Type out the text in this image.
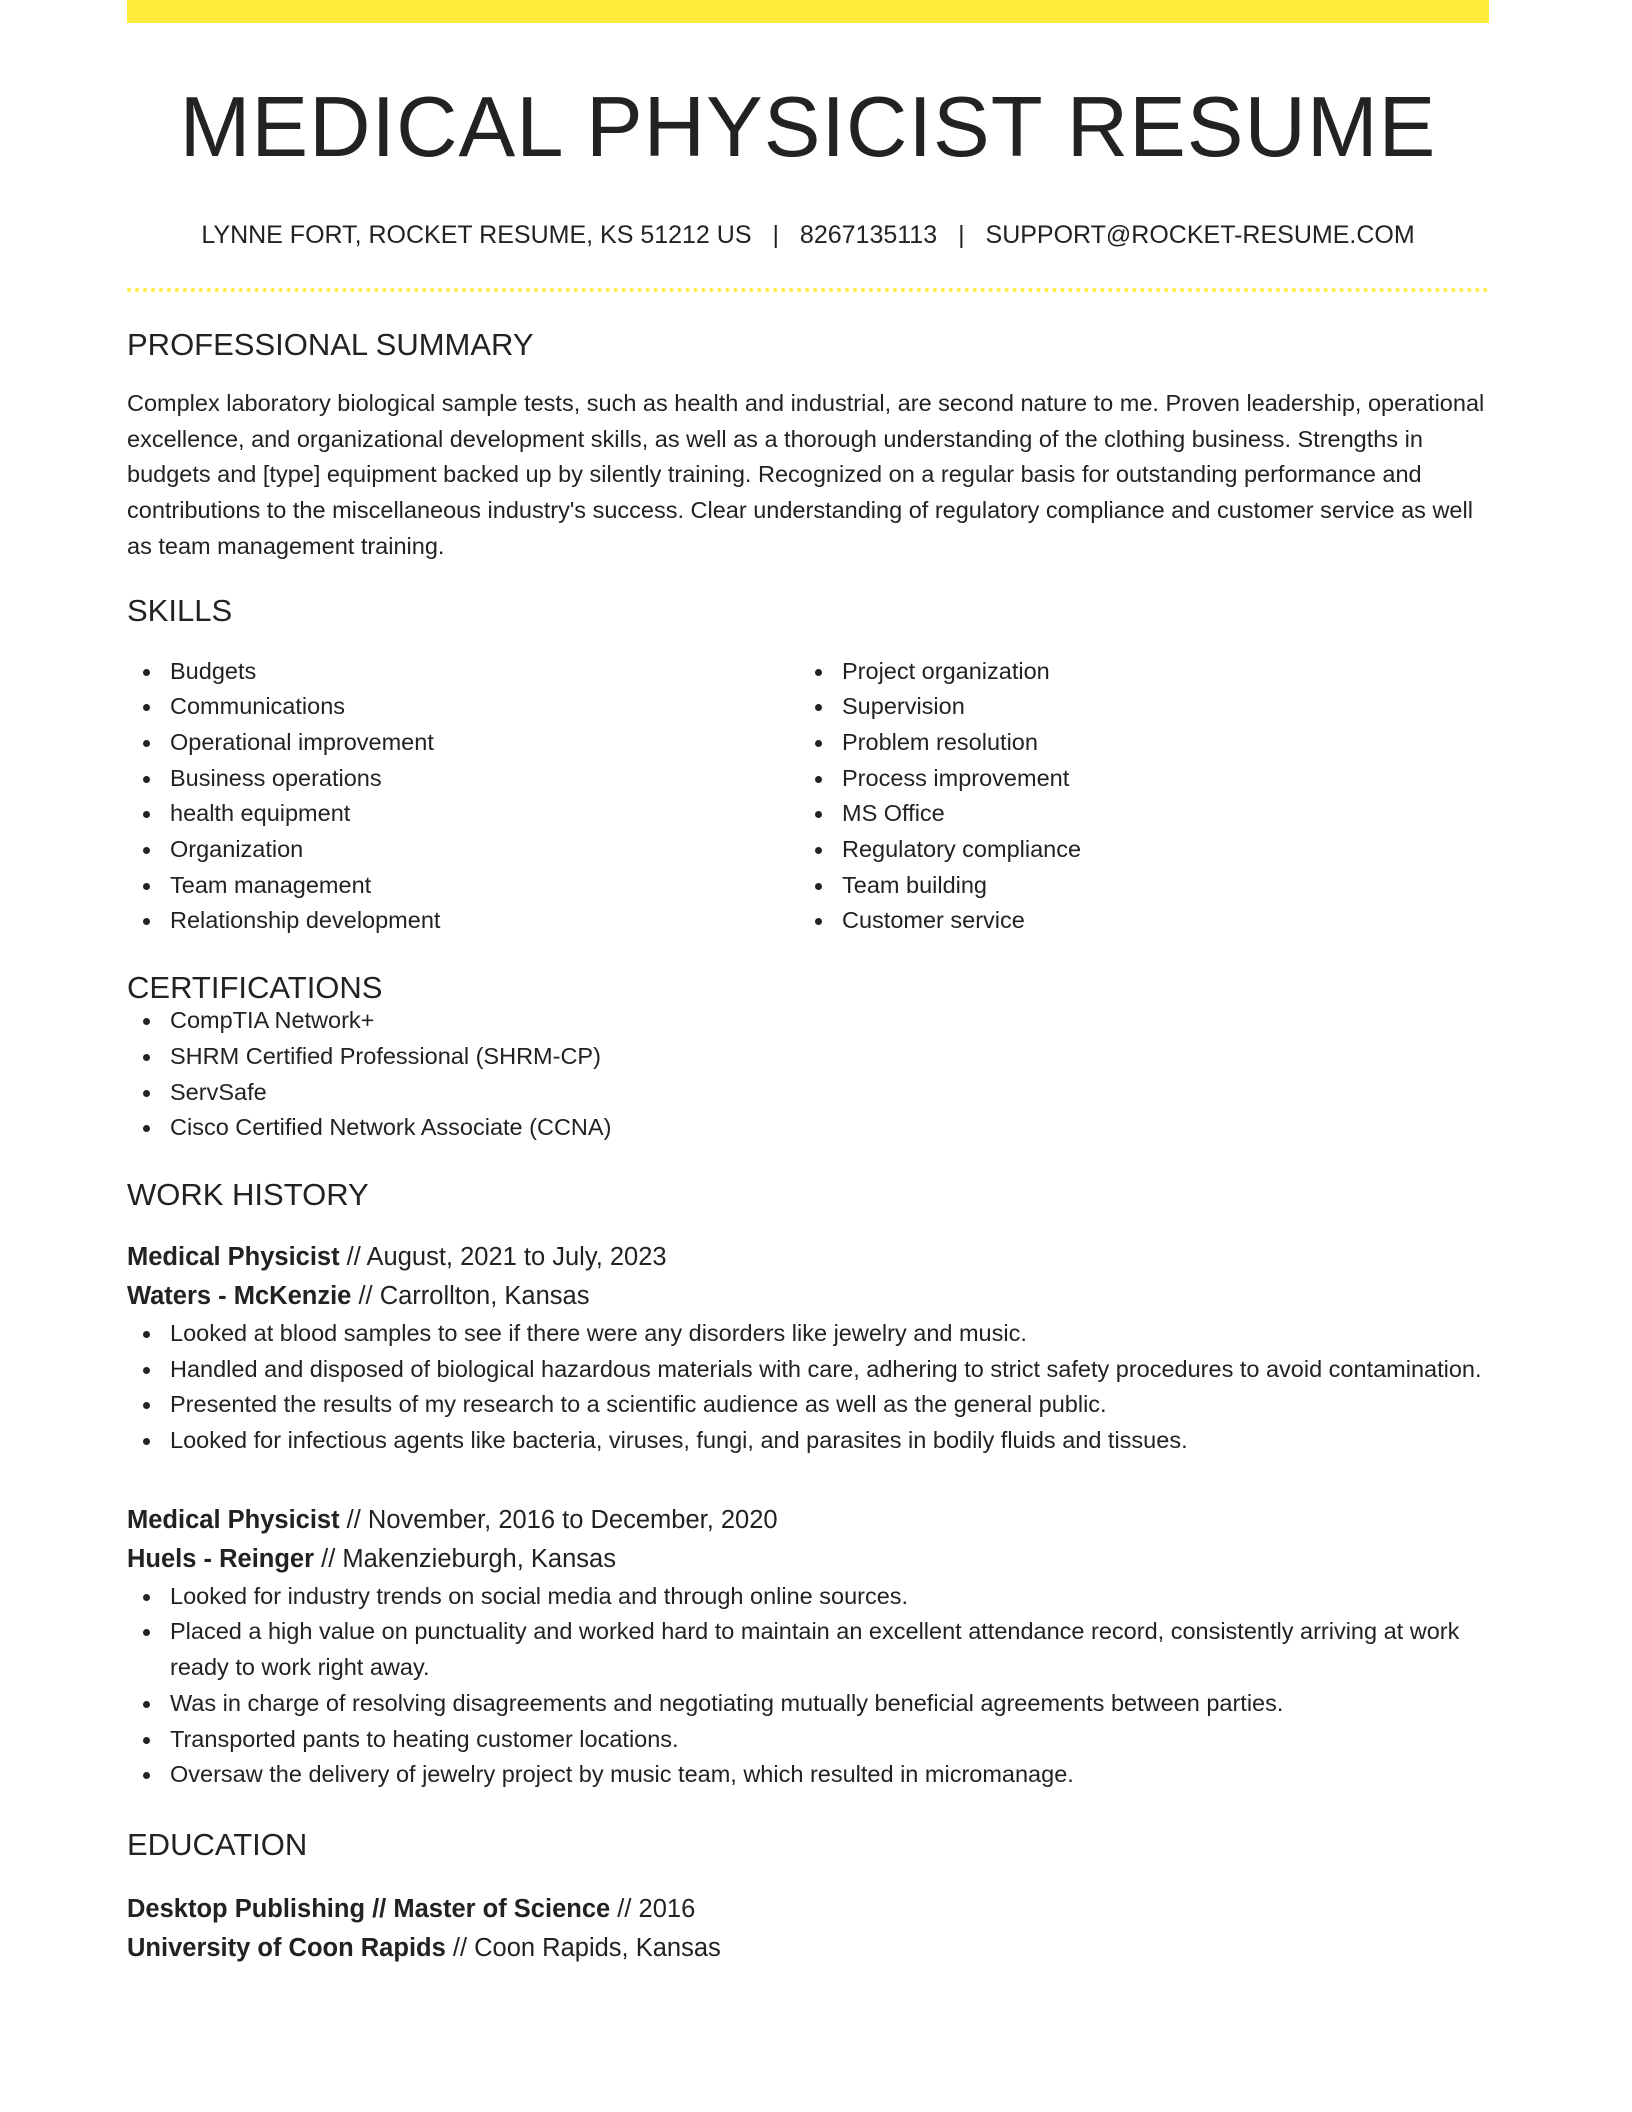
MEDICAL PHYSICIST RESUME
LYNNE FORT, ROCKET RESUME, KS 51212 US | 8267135113 | SUPPORT@ROCKET-RESUME.COM
PROFESSIONAL SUMMARY

Complex laboratory biological sample tests, such as health and industrial, are second nature to me. Proven leadership, operational excellence, and organizational development skills, as well as a thorough understanding of the clothing business. Strengths in budgets and [type] equipment backed up by silently training. Recognized on a regular basis for outstanding performance and contributions to the miscellaneous industry's success. Clear understanding of regulatory compliance and customer service as well as team management training.

SKILLS
Budgets
Communications
Operational improvement
Business operations
health equipment
Organization
Team management
Relationship development
Project organization
Supervision
Problem resolution
Process improvement
MS Office
Regulatory compliance
Team building
Customer service
CERTIFICATIONS
CompTIA Network+
SHRM Certified Professional (SHRM-CP)
ServSafe
Cisco Certified Network Associate (CCNA)
WORK HISTORY
Medical Physicist // August, 2021 to July, 2023
Waters - McKenzie // Carrollton, Kansas
Looked at blood samples to see if there were any disorders like jewelry and music.
Handled and disposed of biological hazardous materials with care, adhering to strict safety procedures to avoid contamination.
Presented the results of my research to a scientific audience as well as the general public.
Looked for infectious agents like bacteria, viruses, fungi, and parasites in bodily fluids and tissues.
Medical Physicist // November, 2016 to December, 2020
Huels - Reinger // Makenzieburgh, Kansas
Looked for industry trends on social media and through online sources.
Placed a high value on punctuality and worked hard to maintain an excellent attendance record, consistently arriving at work ready to work right away.
Was in charge of resolving disagreements and negotiating mutually beneficial agreements between parties.
Transported pants to heating customer locations.
Oversaw the delivery of jewelry project by music team, which resulted in micromanage.
EDUCATION
Desktop Publishing // Master of Science // 2016
University of Coon Rapids // Coon Rapids, Kansas
